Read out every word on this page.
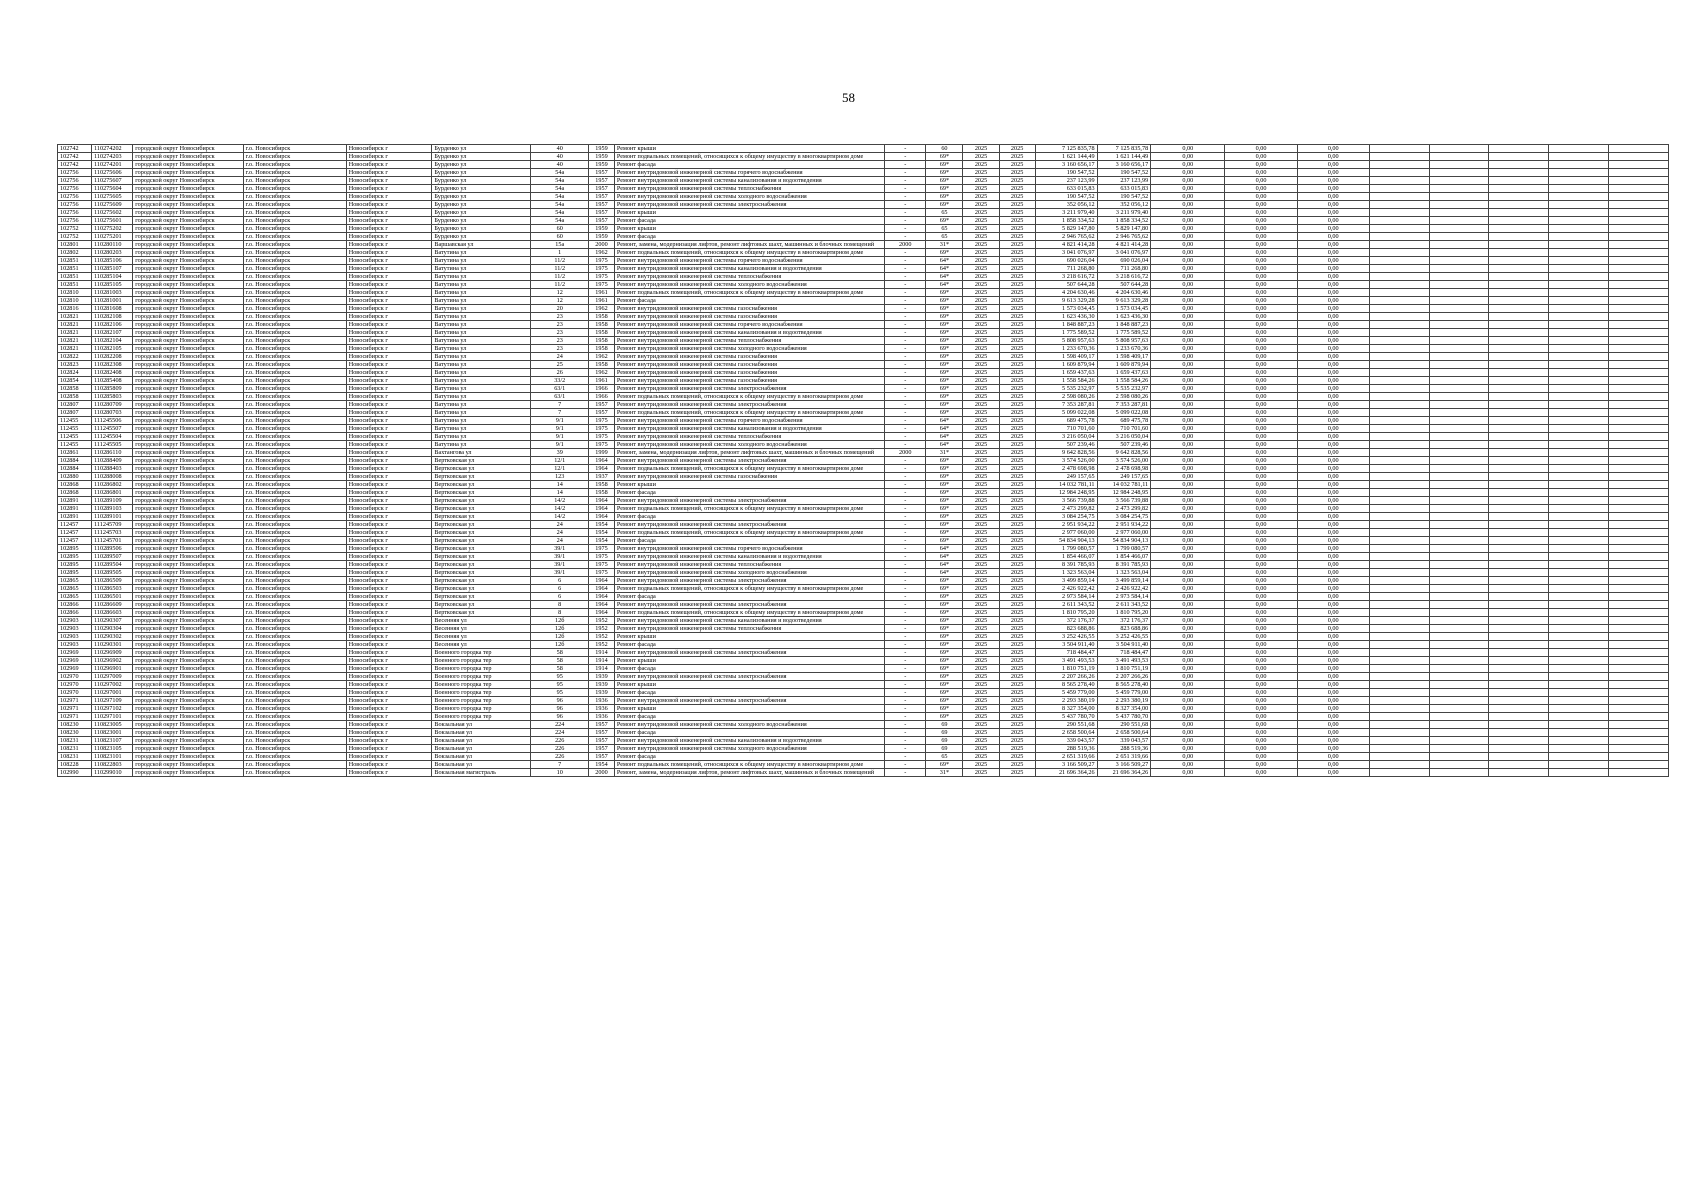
58
102742	110274202	городской округ Новосибирск	г.о. Новосибирск	Новосибирск г	Бурденко ул	40	1959	Ремонт крыши	-	60	2025	2025	7 125 835,78	7 125 835,78	0,00	0,00	0,00					
102742	110274203	городской округ Новосибирск	г.о. Новосибирск	Новосибирск г	Бурденко ул	40	1959	Ремонт подвальных помещений, относящихся к общему имуществу в многоквартирном доме	-	69*	2025	2025	1 621 144,49	1 621 144,49	0,00	0,00	0,00					
102742	110274201	городской округ Новосибирск	г.о. Новосибирск	Новосибирск г	Бурденко ул	40	1959	Ремонт фасада	-	69*	2025	2025	3 160 656,17	3 160 656,17	0,00	0,00	0,00					
102756	110275606	городской округ Новосибирск	г.о. Новосибирск	Новосибирск г	Бурденко ул	54а	1957	Ремонт внутридомовой инженерной системы горячего водоснабжения	-	69*	2025	2025	190 547,52	190 547,52	0,00	0,00	0,00					
102756	110275607	городской округ Новосибирск	г.о. Новосибирск	Новосибирск г	Бурденко ул	54а	1957	Ремонт внутридомовой инженерной системы канализования и водоотведения	-	69*	2025	2025	237 123,99	237 123,99	0,00	0,00	0,00					
102756	110275604	городской округ Новосибирск	г.о. Новосибирск	Новосибирск г	Бурденко ул	54а	1957	Ремонт внутридомовой инженерной системы теплоснабжения	-	69*	2025	2025	633 015,83	633 015,83	0,00	0,00	0,00					
102756	110275605	городской округ Новосибирск	г.о. Новосибирск	Новосибирск г	Бурденко ул	54а	1957	Ремонт внутридомовой инженерной системы холодного водоснабжения	-	69*	2025	2025	190 547,52	190 547,52	0,00	0,00	0,00					
102756	110275609	городской округ Новосибирск	г.о. Новосибирск	Новосибирск г	Бурденко ул	54а	1957	Ремонт внутридомовой инженерной системы электроснабжения	-	69*	2025	2025	352 056,12	352 056,12	0,00	0,00	0,00					
102756	110275602	городской округ Новосибирск	г.о. Новосибирск	Новосибирск г	Бурденко ул	54а	1957	Ремонт крыши	-	65	2025	2025	3 211 979,40	3 211 979,40	0,00	0,00	0,00					
102756	110275601	городской округ Новосибирск	г.о. Новосибирск	Новосибирск г	Бурденко ул	54а	1957	Ремонт фасада	-	69*	2025	2025	1 858 334,52	1 858 334,52	0,00	0,00	0,00					
102752	110275202	городской округ Новосибирск	г.о. Новосибирск	Новосибирск г	Бурденко ул	60	1959	Ремонт крыши	-	65	2025	2025	5 829 147,80	5 829 147,80	0,00	0,00	0,00					
102752	110275201	городской округ Новосибирск	г.о. Новосибирск	Новосибирск г	Бурденко ул	60	1959	Ремонт фасада	-	65	2025	2025	2 946 765,62	2 946 765,62	0,00	0,00	0,00					
102801	110280110	городской округ Новосибирск	г.о. Новосибирск	Новосибирск г	Варшавская ул	15а	2000	Ремонт, замена, модернизация лифтов, ремонт лифтовых шахт, машинных и блочных помещений	2000	31*	2025	2025	4 821 414,28	4 821 414,28	0,00	0,00	0,00					
102802	110280203	городской округ Новосибирск	г.о. Новосибирск	Новосибирск г	Ватутина ул	1	1962	Ремонт подвальных помещений, относящихся к общему имуществу в многоквартирном доме	-	69*	2025	2025	3 041 076,97	3 041 076,97	0,00	0,00	0,00					
102851	110285106	городской округ Новосибирск	г.о. Новосибирск	Новосибирск г	Ватутина ул	11/2	1975	Ремонт внутридомовой инженерной системы горячего водоснабжения	-	64*	2025	2025	690 026,04	690 026,04	0,00	0,00	0,00					
102851	110285107	городской округ Новосибирск	г.о. Новосибирск	Новосибирск г	Ватутина ул	11/2	1975	Ремонт внутридомовой инженерной системы канализования и водоотведения	-	64*	2025	2025	711 268,80	711 268,80	0,00	0,00	0,00					
102851	110285104	городской округ Новосибирск	г.о. Новосибирск	Новосибирск г	Ватутина ул	11/2	1975	Ремонт внутридомовой инженерной системы теплоснабжения	-	64*	2025	2025	3 218 616,72	3 218 616,72	0,00	0,00	0,00					
102851	110285105	городской округ Новосибирск	г.о. Новосибирск	Новосибирск г	Ватутина ул	11/2	1975	Ремонт внутридомовой инженерной системы холодного водоснабжения	-	64*	2025	2025	507 644,28	507 644,28	0,00	0,00	0,00					
102810	110281003	городской округ Новосибирск	г.о. Новосибирск	Новосибирск г	Ватутина ул	12	1961	Ремонт подвальных помещений, относящихся к общему имуществу в многоквартирном доме	-	69*	2025	2025	4 204 630,46	4 204 630,46	0,00	0,00	0,00					
102810	110281001	городской округ Новосибирск	г.о. Новосибирск	Новосибирск г	Ватутина ул	12	1961	Ремонт фасада	-	69*	2025	2025	9 613 329,28	9 613 329,28	0,00	0,00	0,00					
102816	110281608	городской округ Новосибирск	г.о. Новосибирск	Новосибирск г	Ватутина ул	20	1962	Ремонт внутридомовой инженерной системы газоснабжения	-	69*	2025	2025	1 573 034,45	1 573 034,45	0,00	0,00	0,00					
102821	110282108	городской округ Новосибирск	г.о. Новосибирск	Новосибирск г	Ватутина ул	23	1958	Ремонт внутридомовой инженерной системы газоснабжения	-	69*	2025	2025	1 623 436,30	1 623 436,30	0,00	0,00	0,00					
102821	110282106	городской округ Новосибирск	г.о. Новосибирск	Новосибирск г	Ватутина ул	23	1958	Ремонт внутридомовой инженерной системы горячего водоснабжения	-	69*	2025	2025	1 848 887,23	1 848 887,23	0,00	0,00	0,00					
102821	110282107	городской округ Новосибирск	г.о. Новосибирск	Новосибирск г	Ватутина ул	23	1958	Ремонт внутридомовой инженерной системы канализования и водоотведения	-	69*	2025	2025	1 775 589,52	1 775 589,52	0,00	0,00	0,00					
102821	110282104	городской округ Новосибирск	г.о. Новосибирск	Новосибирск г	Ватутина ул	23	1958	Ремонт внутридомовой инженерной системы теплоснабжения	-	69*	2025	2025	5 808 957,63	5 808 957,63	0,00	0,00	0,00					
102821	110282105	городской округ Новосибирск	г.о. Новосибирск	Новосибирск г	Ватутина ул	23	1958	Ремонт внутридомовой инженерной системы холодного водоснабжения	-	69*	2025	2025	1 233 670,36	1 233 670,36	0,00	0,00	0,00					
102822	110282208	городской округ Новосибирск	г.о. Новосибирск	Новосибирск г	Ватутина ул	24	1962	Ремонт внутридомовой инженерной системы газоснабжения	-	69*	2025	2025	1 598 409,17	1 598 409,17	0,00	0,00	0,00					
102823	110282308	городской округ Новосибирск	г.о. Новосибирск	Новосибирск г	Ватутина ул	25	1958	Ремонт внутридомовой инженерной системы газоснабжения	-	69*	2025	2025	1 609 879,94	1 609 879,94	0,00	0,00	0,00					
102824	110282408	городской округ Новосибирск	г.о. Новосибирск	Новосибирск г	Ватутина ул	26	1962	Ремонт внутридомовой инженерной системы газоснабжения	-	69*	2025	2025	1 659 437,63	1 659 437,63	0,00	0,00	0,00					
102854	110285408	городской округ Новосибирск	г.о. Новосибирск	Новосибирск г	Ватутина ул	33/2	1961	Ремонт внутридомовой инженерной системы газоснабжения	-	69*	2025	2025	1 558 584,26	1 558 584,26	0,00	0,00	0,00					
102858	110285809	городской округ Новосибирск	г.о. Новосибирск	Новосибирск г	Ватутина ул	63/1	1966	Ремонт внутридомовой инженерной системы электроснабжения	-	69*	2025	2025	5 535 232,97	5 535 232,97	0,00	0,00	0,00					
102858	110285803	городской округ Новосибирск	г.о. Новосибирск	Новосибирск г	Ватутина ул	63/1	1966	Ремонт подвальных помещений, относящихся к общему имуществу в многоквартирном доме	-	69*	2025	2025	2 598 080,26	2 598 080,26	0,00	0,00	0,00					
102807	110280709	городской округ Новосибирск	г.о. Новосибирск	Новосибирск г	Ватутина ул	7	1957	Ремонт внутридомовой инженерной системы электроснабжения	-	69*	2025	2025	7 353 287,81	7 353 287,81	0,00	0,00	0,00					
102807	110280703	городской округ Новосибирск	г.о. Новосибирск	Новосибирск г	Ватутина ул	7	1957	Ремонт подвальных помещений, относящихся к общему имуществу в многоквартирном доме	-	69*	2025	2025	5 099 022,08	5 099 022,08	0,00	0,00	0,00					
112455	111245506	городской округ Новосибирск	г.о. Новосибирск	Новосибирск г	Ватутина ул	9/1	1975	Ремонт внутридомовой инженерной системы горячего водоснабжения	-	64*	2025	2025	689 475,78	689 475,78	0,00	0,00	0,00					
112455	111245507	городской округ Новосибирск	г.о. Новосибирск	Новосибирск г	Ватутина ул	9/1	1975	Ремонт внутридомовой инженерной системы канализования и водоотведения	-	64*	2025	2025	710 701,60	710 701,60	0,00	0,00	0,00					
112455	111245504	городской округ Новосибирск	г.о. Новосибирск	Новосибирск г	Ватутина ул	9/1	1975	Ремонт внутридомовой инженерной системы теплоснабжения	-	64*	2025	2025	3 216 050,04	3 216 050,04	0,00	0,00	0,00					
112455	111245505	городской округ Новосибирск	г.о. Новосибирск	Новосибирск г	Ватутина ул	9/1	1975	Ремонт внутридомовой инженерной системы холодного водоснабжения	-	64*	2025	2025	507 239,46	507 239,46	0,00	0,00	0,00					
102861	110286110	городской округ Новосибирск	г.о. Новосибирск	Новосибирск г	Вахтангова ул	39	1999	Ремонт, замена, модернизация лифтов, ремонт лифтовых шахт, машинных и блочных помещений	2000	31*	2025	2025	9 642 828,56	9 642 828,56	0,00	0,00	0,00					
102884	110288409	городской округ Новосибирск	г.о. Новосибирск	Новосибирск г	Вертковская ул	12/1	1964	Ремонт внутридомовой инженерной системы электроснабжения	-	69*	2025	2025	3 574 526,00	3 574 526,00	0,00	0,00	0,00					
102884	110288403	городской округ Новосибирск	г.о. Новосибирск	Новосибирск г	Вертковская ул	12/1	1964	Ремонт подвальных помещений, относящихся к общему имуществу в многоквартирном доме	-	69*	2025	2025	2 478 698,98	2 478 698,98	0,00	0,00	0,00					
102880	110288008	городской округ Новосибирск	г.о. Новосибирск	Новосибирск г	Вертковская ул	123	1937	Ремонт внутридомовой инженерной системы газоснабжения	-	69*	2025	2025	249 157,65	249 157,65	0,00	0,00	0,00					
102868	110286802	городской округ Новосибирск	г.о. Новосибирск	Новосибирск г	Вертковская ул	14	1958	Ремонт крыши	-	69*	2025	2025	14 032 781,11	14 032 781,11	0,00	0,00	0,00					
102868	110286801	городской округ Новосибирск	г.о. Новосибирск	Новосибирск г	Вертковская ул	14	1958	Ремонт фасада	-	69*	2025	2025	12 984 248,95	12 984 248,95	0,00	0,00	0,00					
102891	110289109	городской округ Новосибирск	г.о. Новосибирск	Новосибирск г	Вертковская ул	14/2	1964	Ремонт внутридомовой инженерной системы электроснабжения	-	69*	2025	2025	3 566 739,88	3 566 739,88	0,00	0,00	0,00					
102891	110289103	городской округ Новосибирск	г.о. Новосибирск	Новосибирск г	Вертковская ул	14/2	1964	Ремонт подвальных помещений, относящихся к общему имуществу в многоквартирном доме	-	69*	2025	2025	2 473 299,82	2 473 299,82	0,00	0,00	0,00					
102891	110289101	городской округ Новосибирск	г.о. Новосибирск	Новосибирск г	Вертковская ул	14/2	1964	Ремонт фасада	-	69*	2025	2025	3 084 254,75	3 084 254,75	0,00	0,00	0,00					
112457	111245709	городской округ Новосибирск	г.о. Новосибирск	Новосибирск г	Вертковская ул	24	1954	Ремонт внутридомовой инженерной системы электроснабжения	-	69*	2025	2025	2 951 934,22	2 951 934,22	0,00	0,00	0,00					
112457	111245703	городской округ Новосибирск	г.о. Новосибирск	Новосибирск г	Вертковская ул	24	1954	Ремонт подвальных помещений, относящихся к общему имуществу в многоквартирном доме	-	69*	2025	2025	2 977 060,00	2 977 060,00	0,00	0,00	0,00					
112457	111245701	городской округ Новосибирск	г.о. Новосибирск	Новосибирск г	Вертковская ул	24	1954	Ремонт фасада	-	69*	2025	2025	54 834 904,13	54 834 904,13	0,00	0,00	0,00					
102895	110289506	городской округ Новосибирск	г.о. Новосибирск	Новосибирск г	Вертковская ул	39/1	1975	Ремонт внутридомовой инженерной системы горячего водоснабжения	-	64*	2025	2025	1 799 080,57	1 799 080,57	0,00	0,00	0,00					
102895	110289507	городской округ Новосибирск	г.о. Новосибирск	Новосибирск г	Вертковская ул	39/1	1975	Ремонт внутридомовой инженерной системы канализования и водоотведения	-	64*	2025	2025	1 854 466,07	1 854 466,07	0,00	0,00	0,00					
102895	110289504	городской округ Новосибирск	г.о. Новосибирск	Новосибирск г	Вертковская ул	39/1	1975	Ремонт внутридомовой инженерной системы теплоснабжения	-	64*	2025	2025	8 391 785,93	8 391 785,93	0,00	0,00	0,00					
102895	110289505	городской округ Новосибирск	г.о. Новосибирск	Новосибирск г	Вертковская ул	39/1	1975	Ремонт внутридомовой инженерной системы холодного водоснабжения	-	64*	2025	2025	1 323 563,04	1 323 563,04	0,00	0,00	0,00					
102865	110286509	городской округ Новосибирск	г.о. Новосибирск	Новосибирск г	Вертковская ул	6	1964	Ремонт внутридомовой инженерной системы электроснабжения	-	69*	2025	2025	3 499 859,14	3 499 859,14	0,00	0,00	0,00					
102865	110286503	городской округ Новосибирск	г.о. Новосибирск	Новосибирск г	Вертковская ул	6	1964	Ремонт подвальных помещений, относящихся к общему имуществу в многоквартирном доме	-	69*	2025	2025	2 426 922,42	2 426 922,42	0,00	0,00	0,00					
102865	110286501	городской округ Новосибирск	г.о. Новосибирск	Новосибирск г	Вертковская ул	6	1964	Ремонт фасада	-	69*	2025	2025	2 973 584,14	2 973 584,14	0,00	0,00	0,00					
102866	110286609	городской округ Новосибирск	г.о. Новосибирск	Новосибирск г	Вертковская ул	8	1964	Ремонт внутридомовой инженерной системы электроснабжения	-	69*	2025	2025	2 611 343,52	2 611 343,52	0,00	0,00	0,00					
102866	110286603	городской округ Новосибирск	г.о. Новосибирск	Новосибирск г	Вертковская ул	8	1964	Ремонт подвальных помещений, относящихся к общему имуществу в многоквартирном доме	-	69*	2025	2025	1 810 795,20	1 810 795,20	0,00	0,00	0,00					
102903	110290307	городской округ Новосибирск	г.о. Новосибирск	Новосибирск г	Весенняя ул	12б	1952	Ремонт внутридомовой инженерной системы канализования и водоотведения	-	69*	2025	2025	372 176,37	372 176,37	0,00	0,00	0,00					
102903	110290304	городской округ Новосибирск	г.о. Новосибирск	Новосибирск г	Весенняя ул	12б	1952	Ремонт внутридомовой инженерной системы теплоснабжения	-	69*	2025	2025	823 688,86	823 688,86	0,00	0,00	0,00					
102903	110290302	городской округ Новосибирск	г.о. Новосибирск	Новосибирск г	Весенняя ул	12б	1952	Ремонт крыши	-	69*	2025	2025	3 252 426,55	3 252 426,55	0,00	0,00	0,00					
102903	110290301	городской округ Новосибирск	г.о. Новосибирск	Новосибирск г	Весенняя ул	12б	1952	Ремонт фасада	-	69*	2025	2025	3 504 911,40	3 504 911,40	0,00	0,00	0,00					
102969	110296909	городской округ Новосибирск	г.о. Новосибирск	Новосибирск г	Военного городка тер	58	1914	Ремонт внутридомовой инженерной системы электроснабжения	-	69*	2025	2025	718 484,47	718 484,47	0,00	0,00	0,00					
102969	110296902	городской округ Новосибирск	г.о. Новосибирск	Новосибирск г	Военного городка тер	58	1914	Ремонт крыши	-	69*	2025	2025	3 491 493,53	3 491 493,53	0,00	0,00	0,00					
102969	110296901	городской округ Новосибирск	г.о. Новосибирск	Новосибирск г	Военного городка тер	58	1914	Ремонт фасада	-	69*	2025	2025	1 810 751,19	1 810 751,19	0,00	0,00	0,00					
102970	110297009	городской округ Новосибирск	г.о. Новосибирск	Новосибирск г	Военного городка тер	95	1939	Ремонт внутридомовой инженерной системы электроснабжения	-	69*	2025	2025	2 207 266,26	2 207 266,26	0,00	0,00	0,00					
102970	110297002	городской округ Новосибирск	г.о. Новосибирск	Новосибирск г	Военного городка тер	95	1939	Ремонт крыши	-	69*	2025	2025	8 565 278,40	8 565 278,40	0,00	0,00	0,00					
102970	110297001	городской округ Новосибирск	г.о. Новосибирск	Новосибирск г	Военного городка тер	95	1939	Ремонт фасада	-	69*	2025	2025	5 459 779,00	5 459 779,00	0,00	0,00	0,00					
102971	110297109	городской округ Новосибирск	г.о. Новосибирск	Новосибирск г	Военного городка тер	96	1936	Ремонт внутридомовой инженерной системы электроснабжения	-	69*	2025	2025	2 293 380,19	2 293 380,19	0,00	0,00	0,00					
102971	110297102	городской округ Новосибирск	г.о. Новосибирск	Новосибирск г	Военного городка тер	96	1936	Ремонт крыши	-	69*	2025	2025	8 327 354,00	8 327 354,00	0,00	0,00	0,00					
102971	110297101	городской округ Новосибирск	г.о. Новосибирск	Новосибирск г	Военного городка тер	96	1936	Ремонт фасада	-	69*	2025	2025	5 437 780,70	5 437 780,70	0,00	0,00	0,00					
108230	110823005	городской округ Новосибирск	г.о. Новосибирск	Новосибирск г	Вокзальная ул	224	1957	Ремонт внутридомовой инженерной системы холодного водоснабжения	-	69	2025	2025	290 551,68	290 551,68	0,00	0,00	0,00					
108230	110823001	городской округ Новосибирск	г.о. Новосибирск	Новосибирск г	Вокзальная ул	224	1957	Ремонт фасада	-	69	2025	2025	2 658 500,64	2 658 500,64	0,00	0,00	0,00					
108231	110823107	городской округ Новосибирск	г.о. Новосибирск	Новосибирск г	Вокзальная ул	226	1957	Ремонт внутридомовой инженерной системы канализования и водоотведения	-	69	2025	2025	339 043,57	339 043,57	0,00	0,00	0,00					
108231	110823105	городской округ Новосибирск	г.о. Новосибирск	Новосибирск г	Вокзальная ул	226	1957	Ремонт внутридомовой инженерной системы холодного водоснабжения	-	69	2025	2025	288 519,36	288 519,36	0,00	0,00	0,00					
108231	110823101	городской округ Новосибирск	г.о. Новосибирск	Новосибирск г	Вокзальная ул	226	1957	Ремонт фасада	-	65	2025	2025	2 651 319,66	2 651 319,66	0,00	0,00	0,00					
108228	110822803	городской округ Новосибирск	г.о. Новосибирск	Новосибирск г	Вокзальная ул	7	1954	Ремонт подвальных помещений, относящихся к общему имуществу в многоквартирном доме	-	69*	2025	2025	3 166 509,27	3 166 509,27	0,00	0,00	0,00					
102990	110299010	городской округ Новосибирск	г.о. Новосибирск	Новосибирск г	Вокзальная магистраль	10	2000	Ремонт, замена, модернизация лифтов, ремонт лифтовых шахт, машинных и блочных помещений	-	31*	2025	2025	21 696 364,26	21 696 364,26	0,00	0,00	0,00					
